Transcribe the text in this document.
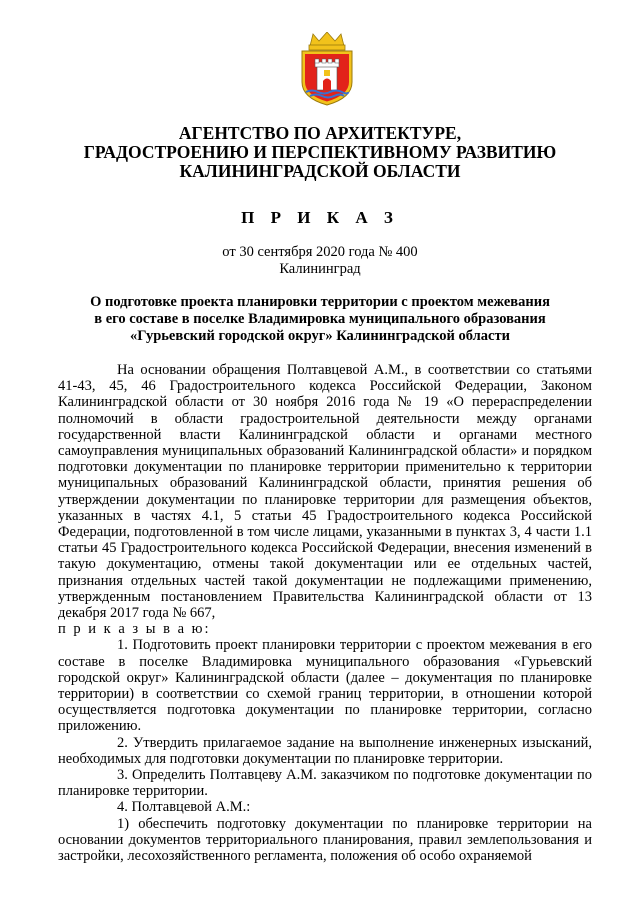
АГЕНТСТВО ПО АРХИТЕКТУРЕ,
ГРАДОСТРОЕНИЮ И ПЕРСПЕКТИВНОМУ РАЗВИТИЮ
КАЛИНИНГРАДСКОЙ ОБЛАСТИ
П Р И К А З
от 30 сентября 2020 года № 400
Калининград
О подготовке проекта планировки территории с проектом межевания
в его составе в поселке Владимировка муниципального образования
«Гурьевский городской округ» Калининградской области

На основании обращения Полтавцевой А.М., в соответствии со статьями 41-43, 45, 46 Градостроительного кодекса Российской Федерации, Законом Калининградской области от 30 ноября 2016 года № 19 «О перераспределении полномочий в области градостроительной деятельности между органами государственной власти Калининградской области и органами местного самоуправления муниципальных образований Калининградской области» и порядком подготовки документации по планировке территории применительно к территории муниципальных образований Калининградской области, принятия решения об утверждении документации по планировке территории для размещения объектов, указанных в частях 4.1, 5 статьи 45 Градостроительного кодекса Российской Федерации, подготовленной в том числе лицами, указанными в пунктах 3, 4 части 1.1 статьи 45 Градостроительного кодекса Российской Федерации, внесения изменений в такую документацию, отмены такой документации или ее отдельных частей, признания отдельных частей такой документации не подлежащими применению, утвержденным постановлением Правительства Калининградской области от 13 декабря 2017 года № 667,

п р и к а з ы в а ю:

1. Подготовить проект планировки территории с проектом межевания в его составе в поселке Владимировка муниципального образования «Гурьевский городской округ» Калининградской области (далее – документация по планировке территории) в соответствии со схемой границ территории, в отношении которой осуществляется подготовка документации по планировке территории, согласно приложению.

2. Утвердить прилагаемое задание на выполнение инженерных изысканий, необходимых для подготовки документации по планировке территории.

3. Определить Полтавцеву А.М. заказчиком по подготовке документации по планировке территории.

4. Полтавцевой А.М.:

1) обеспечить подготовку документации по планировке территории на основании документов территориального планирования, правил землепользования и застройки, лесохозяйственного регламента, положения об особо охраняемой
